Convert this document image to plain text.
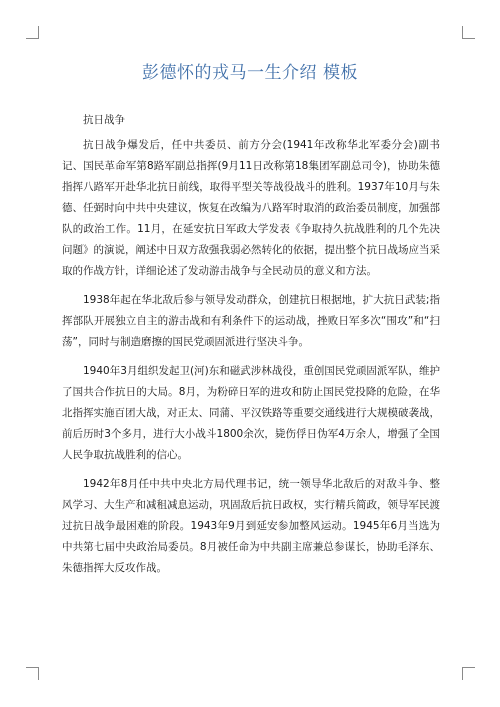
彭德怀的戎马一生介绍 模板

抗日战争

抗日战争爆发后，任中共委员、前方分会(1941年改称华北军委分会)副书记、国民革命军第8路军副总指挥(9月11日改称第18集团军副总司令)，协助朱德指挥八路军开赴华北抗日前线，取得平型关等战役战斗的胜利。1937年10月与朱德、任弼时向中共中央建议，恢复在改编为八路军时取消的政治委员制度，加强部队的政治工作。11月，在延安抗日军政大学发表《争取持久抗战胜利的几个先决问题》的演说，阐述中日双方敌强我弱必然转化的依据，提出整个抗日战场应当采取的作战方针，详细论述了发动游击战争与全民动员的意义和方法。

1938年起在华北敌后参与领导发动群众，创建抗日根据地，扩大抗日武装;指挥部队开展独立自主的游击战和有利条件下的运动战，挫败日军多次“围攻”和“扫荡”，同时与制造磨擦的国民党顽固派进行坚决斗争。

1940年3月组织发起卫(河)东和磁武涉林战役，重创国民党顽固派军队，维护了国共合作抗日的大局。8月，为粉碎日军的进攻和防止国民党投降的危险，在华北指挥实施百团大战，对正太、同蒲、平汉铁路等重要交通线进行大规模破袭战，前后历时3个多月，进行大小战斗1800余次，毙伤俘日伪军4万余人，增强了全国人民争取抗战胜利的信心。

1942年8月任中共中央北方局代理书记，统一领导华北敌后的对敌斗争、整风学习、大生产和减租减息运动，巩固敌后抗日政权，实行精兵简政，领导军民渡过抗日战争最困难的阶段。1943年9月到延安参加整风运动。1945年6月当选为中共第七届中央政治局委员。8月被任命为中共副主席兼总参谋长，协助毛泽东、朱德指挥大反攻作战。
